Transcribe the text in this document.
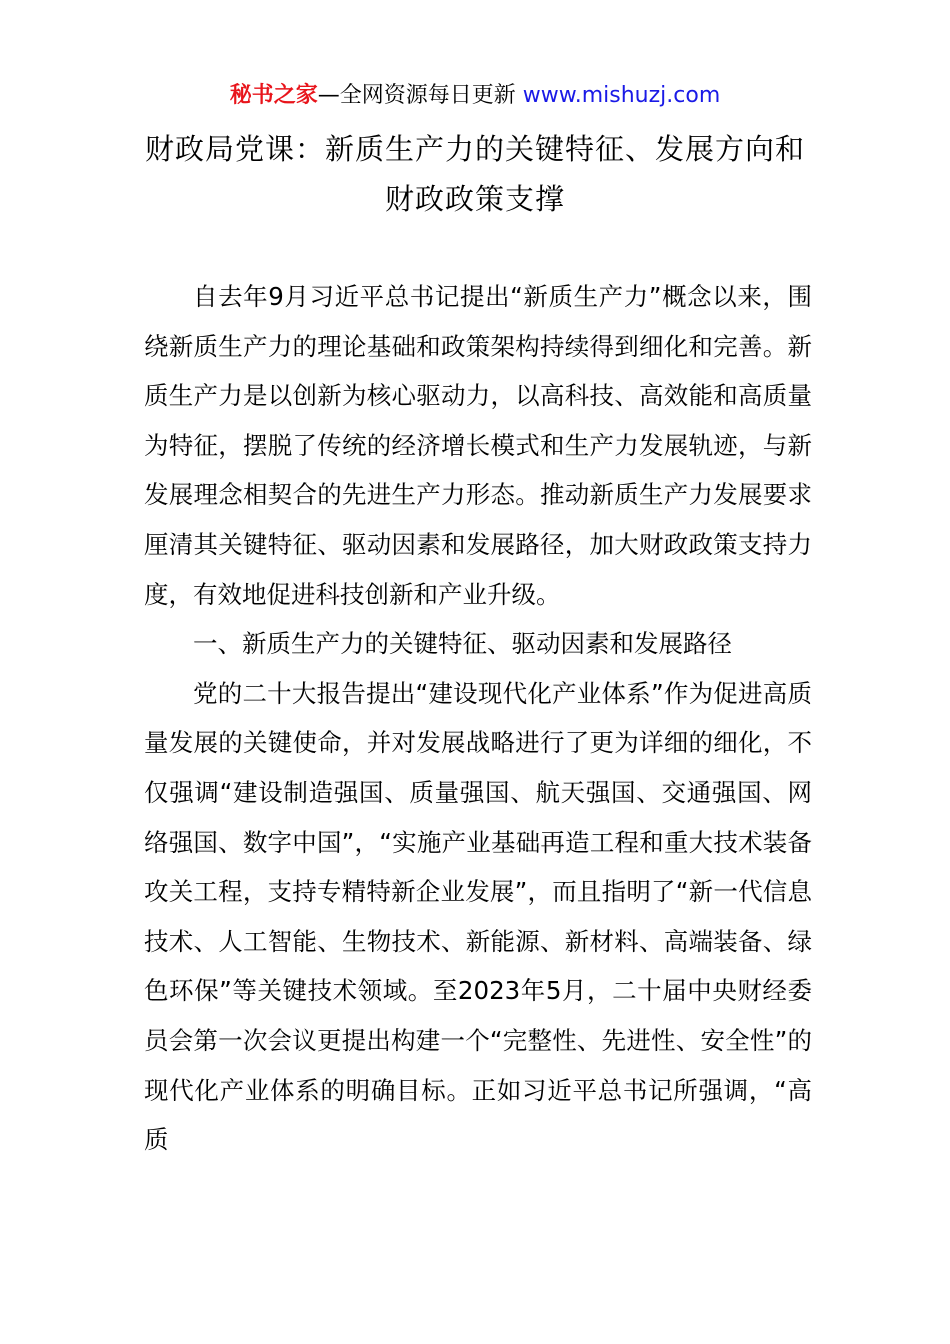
秘书之家—全网资源每日更新 www.mishuzj.com
财政局党课：新质生产力的关键特征、发展方向和财政政策支撑

自去年9月习近平总书记提出“新质生产力”概念以来，围绕新质生产力的理论基础和政策架构持续得到细化和完善。新质生产力是以创新为核心驱动力，以高科技、高效能和高质量为特征，摆脱了传统的经济增长模式和生产力发展轨迹，与新发展理念相契合的先进生产力形态。推动新质生产力发展要求厘清其关键特征、驱动因素和发展路径，加大财政政策支持力度，有效地促进科技创新和产业升级。

一、新质生产力的关键特征、驱动因素和发展路径

党的二十大报告提出“建设现代化产业体系”作为促进高质量发展的关键使命，并对发展战略进行了更为详细的细化，不仅强调“建设制造强国、质量强国、航天强国、交通强国、网络强国、数字中国”，“实施产业基础再造工程和重大技术装备攻关工程，支持专精特新企业发展”，而且指明了“新一代信息技术、人工智能、生物技术、新能源、新材料、高端装备、绿色环保”等关键技术领域。至2023年5月，二十届中央财经委员会第一次会议更提出构建一个“完整性、先进性、安全性”的现代化产业体系的明确目标。正如习近平总书记所强调，“高质
